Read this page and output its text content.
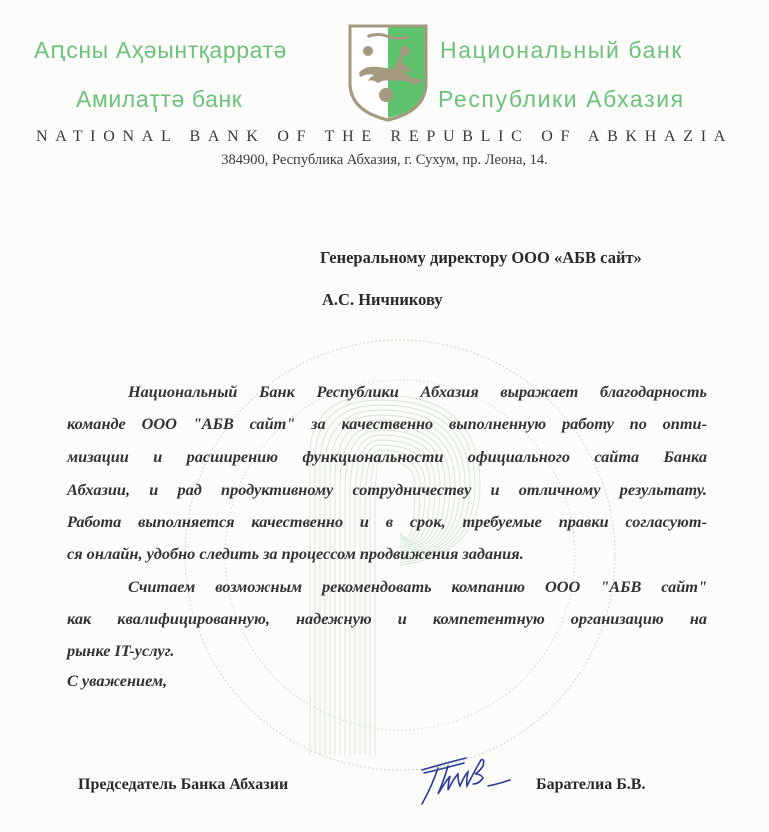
Аԥсны Аҳәынтқарратә
Амилаҭтә банк
Национальный банк
Республики Абхазия
NATIONAL BANK OF THE REPUBLIC OF ABKHAZIA
384900, Республика Абхазия, г. Сухум, пр. Леона, 14.
Генеральному директору ООО «АБВ сайт»
А.С. Ничникову
Национальный Банк Республики Абхазия выражает благодарность
команде ООО "АБВ сайт" за качественно выполненную работу по опти-
мизации и расширению функциональности официального сайта Банка
Абхазии, и рад продуктивному сотрудничеству и отличному результату.
Работа выполняется качественно и в срок, требуемые правки согласуют-
ся онлайн, удобно следить за процессом продвижения задания.
Считаем возможным рекомендовать компанию ООО "АБВ сайт"
как квалифицированную, надежную и компетентную организацию на
рынке IT-услуг.
С уважением,
Председатель Банка Абхазии	Барателиа Б.В.
